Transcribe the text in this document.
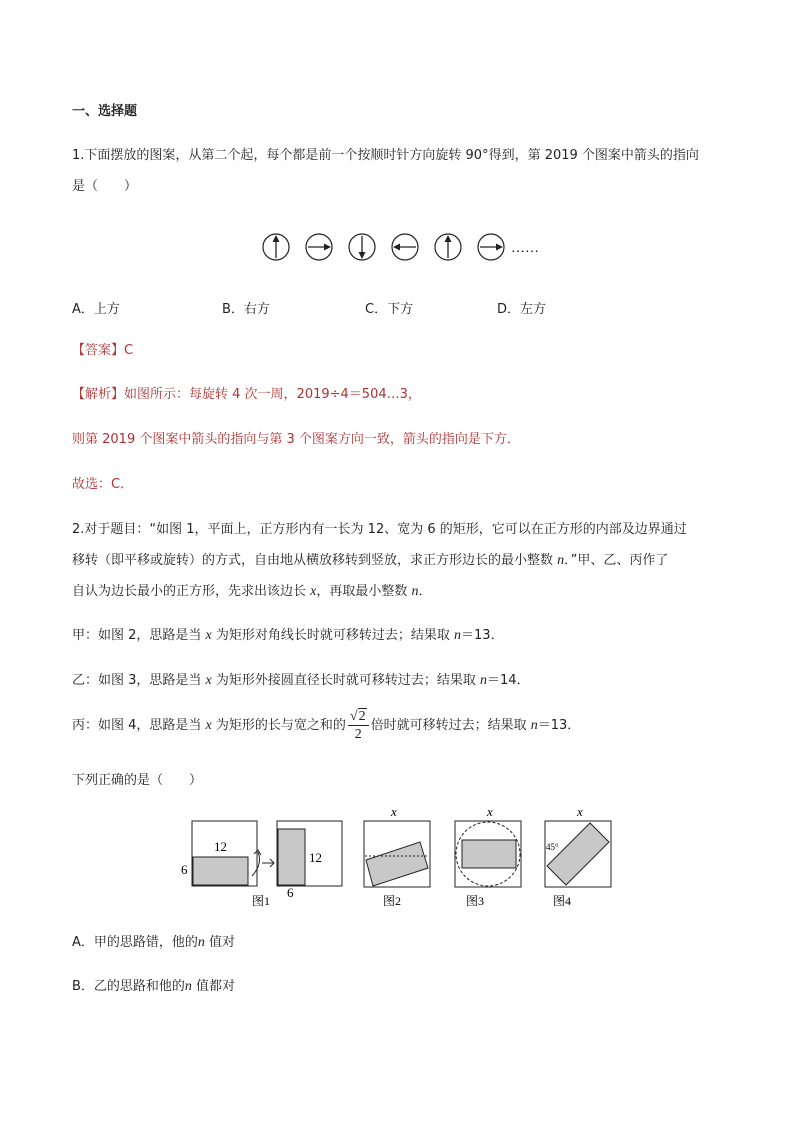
一、选择题
1.下面摆放的图案，从第二个起，每个都是前一个按顺时针方向旋转 90°得到，第 2019 个图案中箭头的指向
是（　　）
……
A．上方	B．右方	C．下方	D．左方
【答案】C
【解析】如图所示：每旋转 4 次一周，2019÷4＝504…3，
则第 2019 个图案中箭头的指向与第 3 个图案方向一致，箭头的指向是下方．
故选：C．
2.对于题目：“如图 1，平面上，正方形内有一长为 12、宽为 6 的矩形，它可以在正方形的内部及边界通过
移转（即平移或旋转）的方式，自由地从横放移转到竖放，求正方形边长的最小整数 n．”甲、乙、丙作了
自认为边长最小的正方形，先求出该边长 x，再取最小整数 n．
甲：如图 2，思路是当 x 为矩形对角线长时就可移转过去；结果取 n＝13．
乙：如图 3，思路是当 x 为矩形外接圆直径长时就可移转过去；结果取 n＝14．
丙：如图 4，思路是当 x 为矩形的长与宽之和的 $\frac{√2}{2}$ 倍时就可移转过去；结果取 n＝13．
下列正确的是（　　）
12
6
12
6
图1
x
图2
x
图3
x
45°
图4
A．甲的思路错，他的n 值对
B．乙的思路和他的n 值都对
